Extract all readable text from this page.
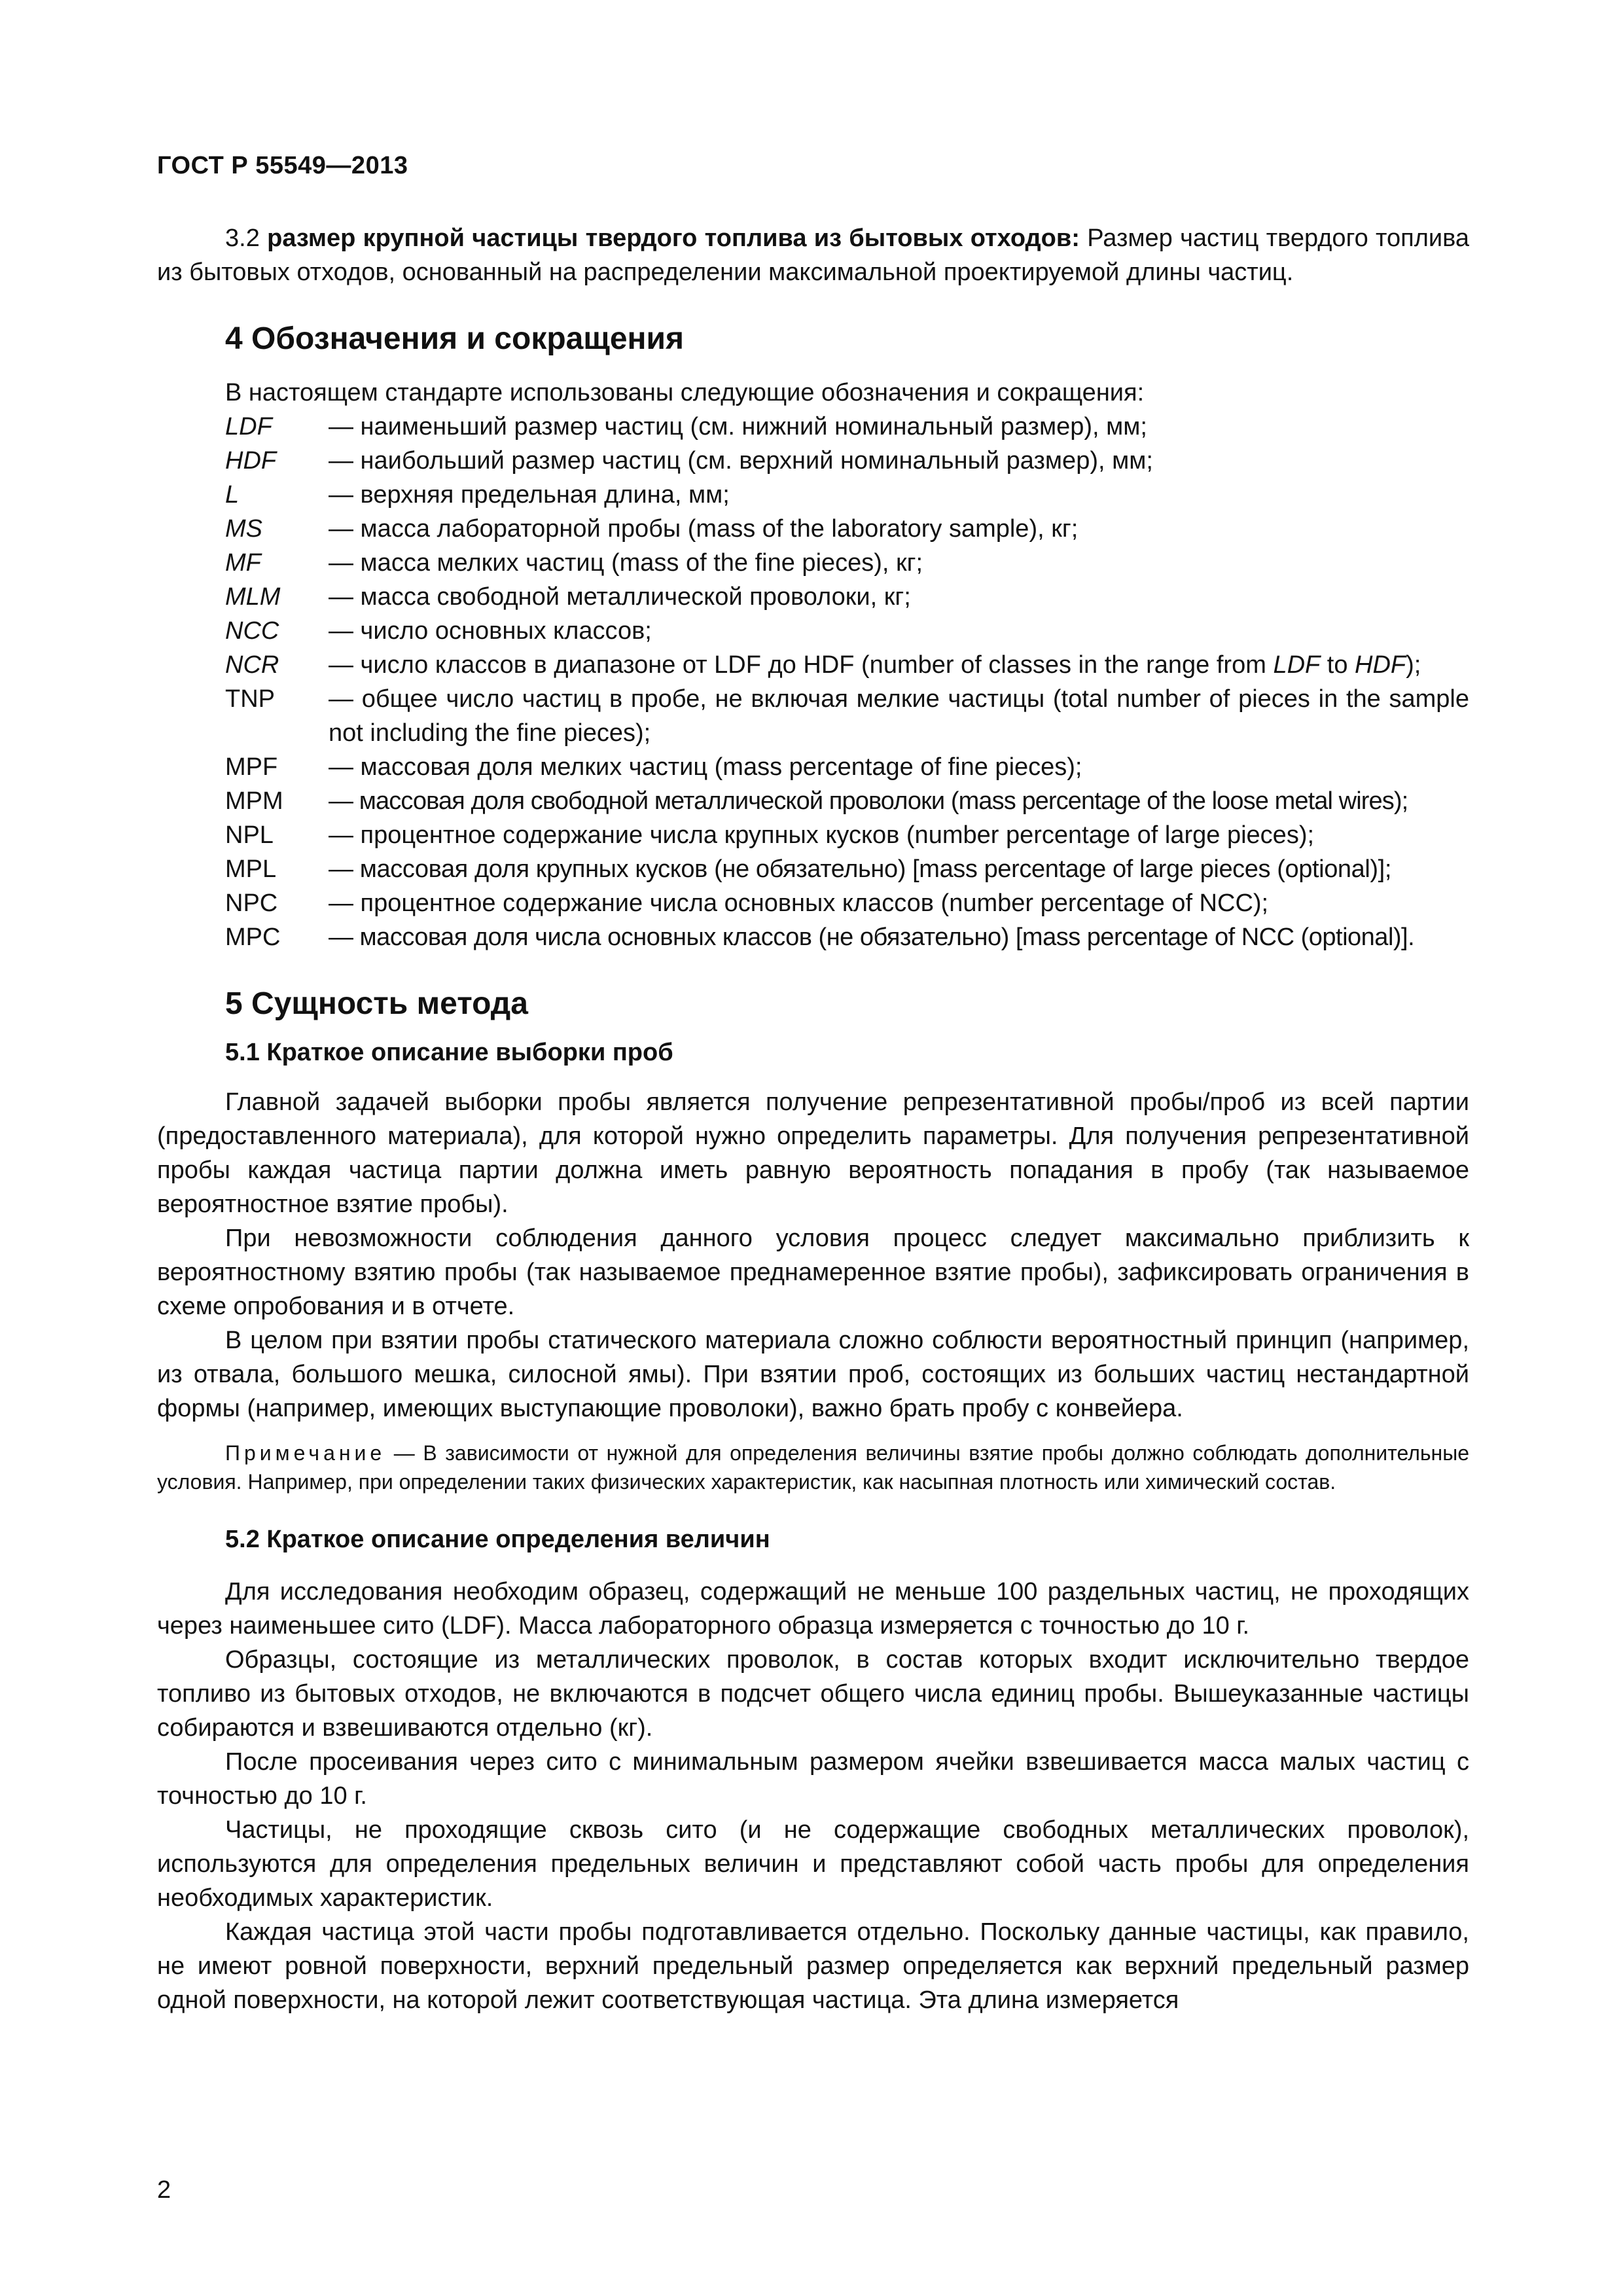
ГОСТ Р 55549—2013

3.2 размер крупной частицы твердого топлива из бытовых отходов: Размер частиц твердого топлива из бытовых отходов, основанный на распределении максимальной проектируемой длины частиц.

4 Обозначения и сокращения
В настоящем стандарте использованы следующие обозначения и сокращения:
LDF	— наименьший размер частиц (см. нижний номинальный размер), мм;
HDF	— наибольший размер частиц (см. верхний номинальный размер), мм;
L	— верхняя предельная длина, мм;
MS	— масса лабораторной пробы (mass of the laboratory sample), кг;
MF	— масса мелких частиц (mass of the fine pieces), кг;
MLM	— масса свободной металлической проволоки, кг;
NCC	— число основных классов;
NCR	— число классов в диапазоне от LDF до HDF (number of classes in the range from LDF to HDF);
TNP	— общее число частиц в пробе, не включая мелкие частицы (total number of pieces in the sample not including the fine pieces);
MPF	— массовая доля мелких частиц (mass percentage of fine pieces);
MPM	— массовая доля свободной металлической проволоки (mass percentage of the loose metal wires);
NPL	— процентное содержание числа крупных кусков (number percentage of large pieces);
MPL	— массовая доля крупных кусков (не обязательно) [mass percentage of large pieces (optional)];
NPC	— процентное содержание числа основных классов (number percentage of NCC);
MPC	— массовая доля числа основных классов (не обязательно) [mass percentage of NCC (optional)].
5 Сущность метода
5.1 Краткое описание выборки проб

Главной задачей выборки пробы является получение репрезентативной пробы/проб из всей партии (предоставленного материала), для которой нужно определить параметры. Для получения репрезентативной пробы каждая частица партии должна иметь равную вероятность попадания в пробу (так называемое вероятностное взятие пробы).

При невозможности соблюдения данного условия процесс следует максимально приблизить к вероятностному взятию пробы (так называемое преднамеренное взятие пробы), зафиксировать ограничения в схеме опробования и в отчете.

В целом при взятии пробы статического материала сложно соблюсти вероятностный принцип (например, из отвала, большого мешка, силосной ямы). При взятии проб, состоящих из больших частиц нестандартной формы (например, имеющих выступающие проволоки), важно брать пробу с конвейера.

Примечание — В зависимости от нужной для определения величины взятие пробы должно соблюдать дополнительные условия. Например, при определении таких физических характеристик, как насыпная плотность или химический состав.
5.2 Краткое описание определения величин

Для исследования необходим образец, содержащий не меньше 100 раздельных частиц, не проходящих через наименьшее сито (LDF). Масса лабораторного образца измеряется с точностью до 10 г.

Образцы, состоящие из металлических проволок, в состав которых входит исключительно твердое топливо из бытовых отходов, не включаются в подсчет общего числа единиц пробы. Вышеуказанные частицы собираются и взвешиваются отдельно (кг).

После просеивания через сито с минимальным размером ячейки взвешивается масса малых частиц с точностью до 10 г.

Частицы, не проходящие сквозь сито (и не содержащие свободных металлических проволок), используются для определения предельных величин и представляют собой часть пробы для определения необходимых характеристик.

Каждая частица этой части пробы подготавливается отдельно. Поскольку данные частицы, как правило, не имеют ровной поверхности, верхний предельный размер определяется как верхний предельный размер одной поверхности, на которой лежит соответствующая частица. Эта длина измеряется

2
